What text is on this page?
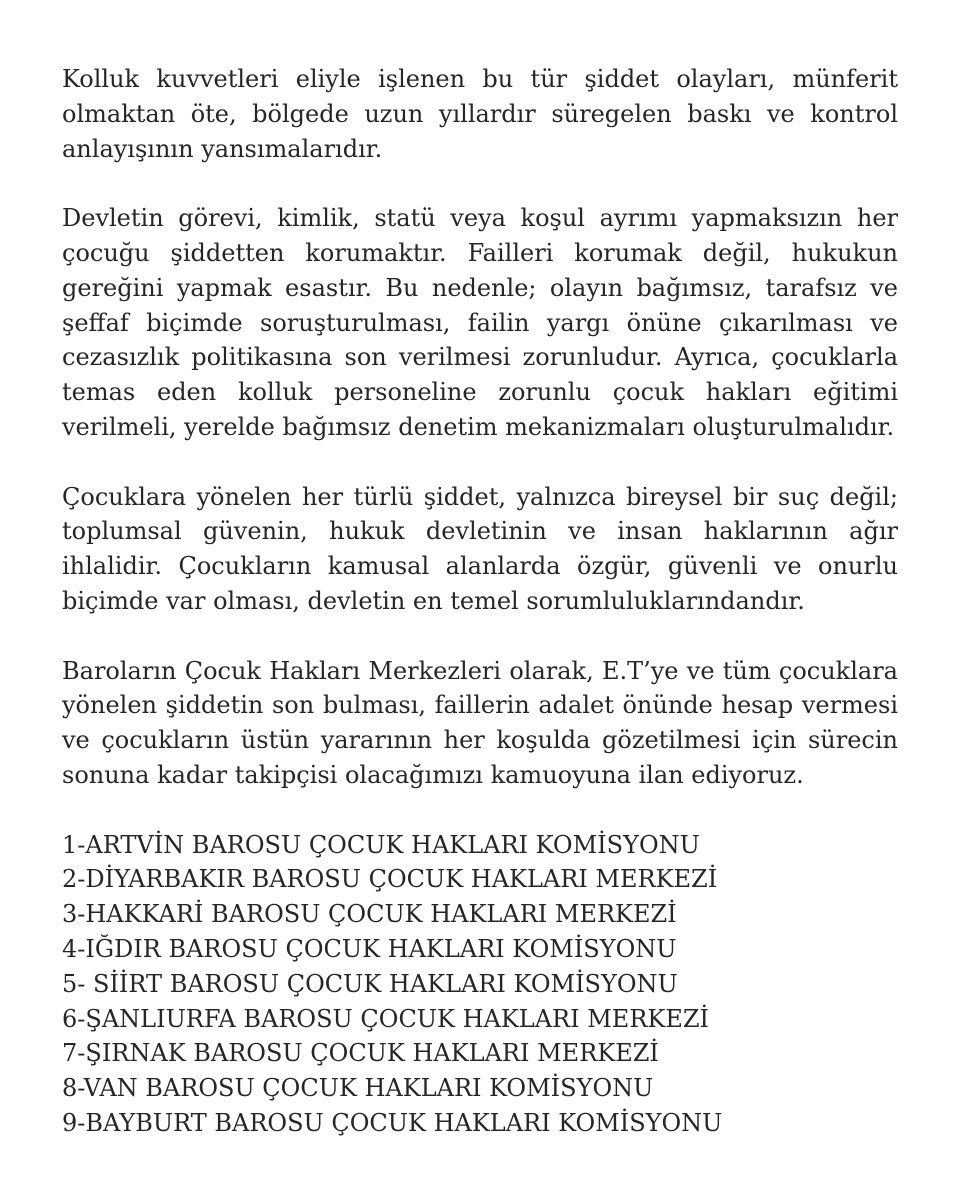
Kolluk kuvvetleri eliyle işlenen bu tür şiddet olayları, münferit olmaktan öte, bölgede uzun yıllardır süregelen baskı ve kontrol anlayışının yansımalarıdır.

Devletin görevi, kimlik, statü veya koşul ayrımı yapmaksızın her çocuğu şiddetten korumaktır. Failleri korumak değil, hukukun gereğini yapmak esastır. Bu nedenle; olayın bağımsız, tarafsız ve şeffaf biçimde soruşturulması, failin yargı önüne çıkarılması ve cezasızlık politikasına son verilmesi zorunludur. Ayrıca, çocuklarla temas eden kolluk personeline zorunlu çocuk hakları eğitimi verilmeli, yerelde bağımsız denetim mekanizmaları oluşturulmalıdır.

Çocuklara yönelen her türlü şiddet, yalnızca bireysel bir suç değil; toplumsal güvenin, hukuk devletinin ve insan haklarının ağır ihlalidir. Çocukların kamusal alanlarda özgür, güvenli ve onurlu biçimde var olması, devletin en temel sorumluluklarındandır.

Baroların Çocuk Hakları Merkezleri olarak, E.T’ye ve tüm çocuklara yönelen şiddetin son bulması, faillerin adalet önünde hesap vermesi ve çocukların üstün yararının her koşulda gözetilmesi için sürecin sonuna kadar takipçisi olacağımızı kamuoyuna ilan ediyoruz.

1-ARTVİN BAROSU ÇOCUK HAKLARI KOMİSYONU
2-DİYARBAKIR BAROSU ÇOCUK HAKLARI MERKEZİ
3-HAKKARİ BAROSU ÇOCUK HAKLARI MERKEZİ
4-IĞDIR BAROSU ÇOCUK HAKLARI KOMİSYONU
5- SİİRT BAROSU ÇOCUK HAKLARI KOMİSYONU
6-ŞANLIURFA BAROSU ÇOCUK HAKLARI MERKEZİ
7-ŞIRNAK BAROSU ÇOCUK HAKLARI MERKEZİ
8-VAN BAROSU ÇOCUK HAKLARI KOMİSYONU
9-BAYBURT BAROSU ÇOCUK HAKLARI KOMİSYONU
